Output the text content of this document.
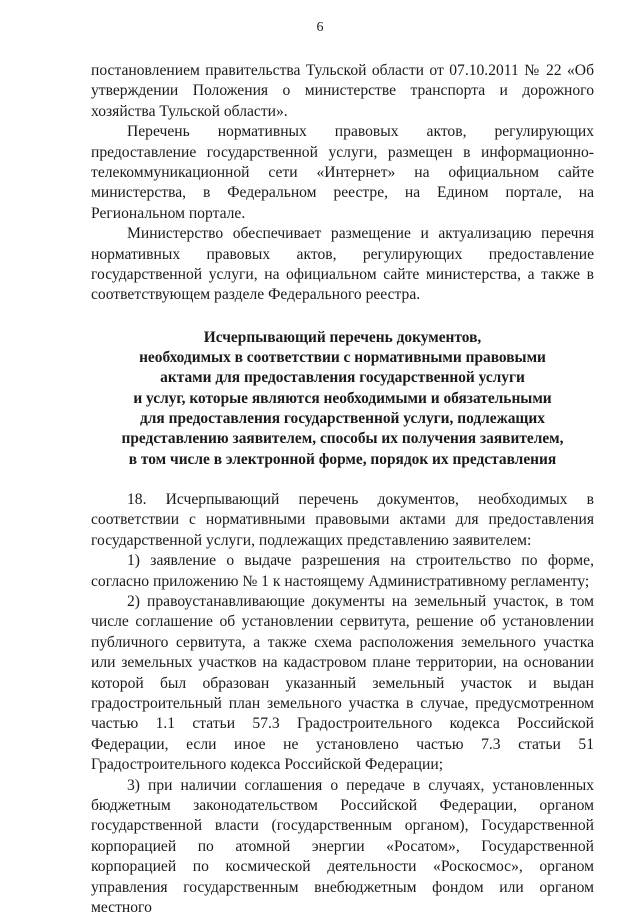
6

постановлением правительства Тульской области от 07.10.2011 № 22 «Об утверждении Положения о министерстве транспорта и дорожного хозяйства Тульской области».

Перечень нормативных правовых актов, регулирующих предоставление государственной услуги, размещен в информационно-телекоммуникационной сети «Интернет» на официальном сайте министерства, в Федеральном реестре, на Едином портале, на Региональном портале.

Министерство обеспечивает размещение и актуализацию перечня нормативных правовых актов, регулирующих предоставление государственной услуги, на официальном сайте министерства, а также в соответствующем разделе Федерального реестра.

Исчерпывающий перечень документов,
необходимых в соответствии с нормативными правовыми
актами для предоставления государственной услуги
и услуг, которые являются необходимыми и обязательными
для предоставления государственной услуги, подлежащих
представлению заявителем, способы их получения заявителем,
в том числе в электронной форме, порядок их представления

18. Исчерпывающий перечень документов, необходимых в соответствии с нормативными правовыми актами для предоставления государственной услуги, подлежащих представлению заявителем:

1) заявление о выдаче разрешения на строительство по форме, согласно приложению № 1 к настоящему Административному регламенту;

2) правоустанавливающие документы на земельный участок, в том числе соглашение об установлении сервитута, решение об установлении публичного сервитута, а также схема расположения земельного участка или земельных участков на кадастровом плане территории, на основании которой был образован указанный земельный участок и выдан градостроительный план земельного участка в случае, предусмотренном частью 1.1 статьи 57.3 Градостроительного кодекса Российской Федерации, если иное не установлено частью 7.3 статьи 51 Градостроительного кодекса Российской Федерации;

3) при наличии соглашения о передаче в случаях, установленных бюджетным законодательством Российской Федерации, органом государственной власти (государственным органом), Государственной корпорацией по атомной энергии «Росатом», Государственной корпорацией по космической деятельности «Роскосмос», органом управления государственным внебюджетным фондом или органом местного
